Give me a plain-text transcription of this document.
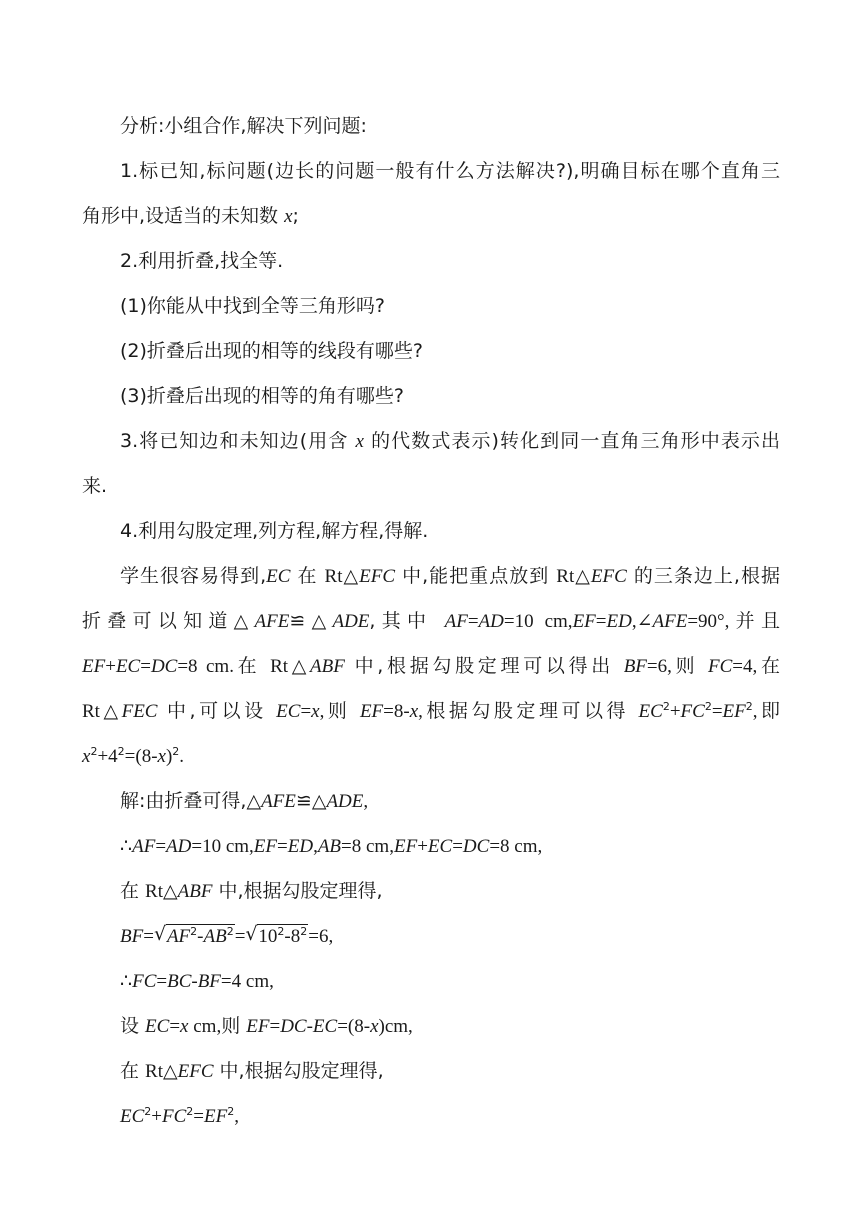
分析:小组合作,解决下列问题:
1.标已知,标问题(边长的问题一般有什么方法解决?),明确目标在哪个直角三
角形中,设适当的未知数 x;
2.利用折叠,找全等.
(1)你能从中找到全等三角形吗?
(2)折叠后出现的相等的线段有哪些?
(3)折叠后出现的相等的角有哪些?
3.将已知边和未知边(用含 x 的代数式表示)转化到同一直角三角形中表示出
来.
4.利用勾股定理,列方程,解方程,得解.
学生很容易得到,EC 在 Rt△EFC 中,能把重点放到 Rt△EFC 的三条边上,根据
折叠可以知道△AFE≌△ADE,其中 AF=AD=10 cm,EF=ED,∠AFE=90°,并且
EF+EC=DC=8 cm.在 Rt△ABF 中,根据勾股定理可以得出 BF=6,则 FC=4,在
Rt△FEC 中,可以设 EC=x,则 EF=8-x,根据勾股定理可以得 $EC^2+FC^2=EF^2$,即
$x^2+4^2=(8-x)^2$.
解:由折叠可得,△AFE≌△ADE,
∴AF=AD=10 cm,EF=ED,AB=8 cm,EF+EC=DC=8 cm,
在 Rt△ABF 中,根据勾股定理得,
BF= √ $AF^2-AB^2=$ √ $10^2-8^2=6$,
∴FC=BC-BF=4 cm,
设 EC=x cm,则 EF=DC-EC=(8-x)cm,
在 Rt△EFC 中,根据勾股定理得,
$EC^2+FC^2=EF^2$,
